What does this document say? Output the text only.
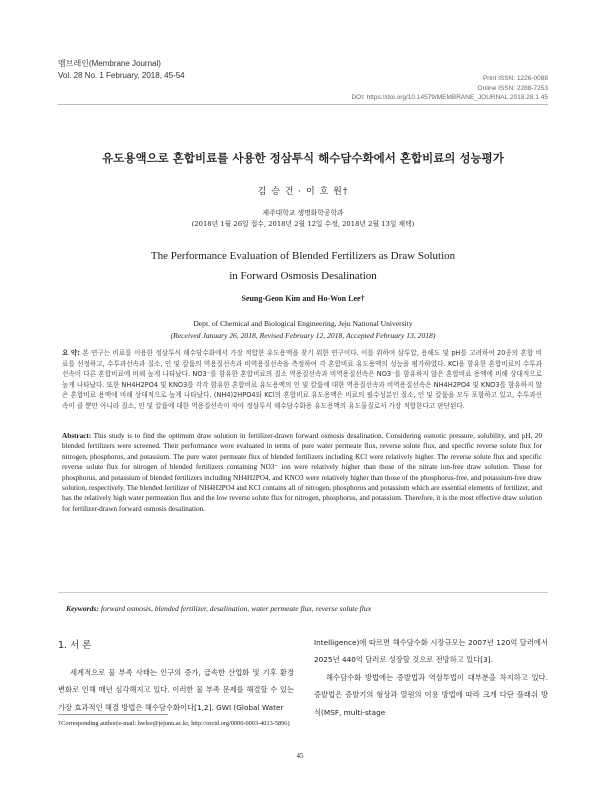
멤브레인(Membrane Journal)
Vol. 28 No. 1 February, 2018, 45-54	Print ISSN: 1226-0088
Online ISSN: 2288-7253
DOI: https://doi.org/10.14579/MEMBRANE_JOURNAL.2018.28.1.45
유도용액으로 혼합비료를 사용한 정삼투식 해수담수화에서 혼합비료의 성능평가
김 승 건 · 이 호 원†
제주대학교 생명화학공학과
(2018년 1월 26일 접수, 2018년 2월 12일 수정, 2018년 2월 13일 채택)
The Performance Evaluation of Blended Fertilizers as Draw Solution
in Forward Osmosis Desalination
Seung-Geon Kim and Ho-Won Lee†
Dept. of Chemical and Biological Engineering, Jeju National University
(Received January 26, 2018, Revised February 12, 2018, Accepted February 13, 2018)
요 약: 본 연구는 비료를 이용한 정삼투식 해수담수화에서 가장 적합한 유도용액을 찾기 위한 연구이다. 이를 위하여 삼투압, 용해도 및 pH를 고려하여 20종의 혼합 비료를 선정하고, 수투과선속과 질소, 인 및 칼륨의 역용질선속과 비역용질선속을 측정하여 각 혼합비료 유도용액의 성능을 평가하였다. KCl을 함유한 혼합비료의 수투과선속이 다른 혼합비료에 비해 높게 나타났다. NO3⁻를 함유한 혼합비료의 질소 역용질선속과 비역용질선속은 NO3⁻를 함유하지 않은 혼합비료 용액에 비해 상대적으로 높게 나타났다. 또한 NH4H2PO4 및 KNO3를 각각 함유한 혼합비료 유도용액의 인 및 칼륨에 대한 역용질선속과 비역용질선속은 NH4H2PO4 및 KNO3를 함유하지 않은 혼합비료 용액에 비해 상대적으로 높게 나타났다. (NH4)2HPO4와 KCl의 혼합비료 유도용액은 비료의 필수성분인 질소, 인 및 칼륨을 모두 포함하고 있고, 수투과선속이 클 뿐만 아니라 질소, 인 및 칼륨에 대한 역용질선속이 작아 정삼투식 해수담수화용 유도용액의 유도물질로서 가장 적합한다고 판단된다.
Abstract: This study is to find the optimum draw solution in fertilizer-drawn forward osmosis desalination. Considering osmotic pressure, solubility, and pH, 20 blended fertilizers were screened. Their performance were evaluated in terms of pure water permeate flux, reverse solute flux, and specific reverse solute flux for nitrogen, phosphorus, and potassium. The pure water permeate flux of blended fertilizers including KCl were relatively higher. The reverse solute flux and specific reverse solute flux for nitrogen of blended fertilizers containing NO3⁻ ion were relatively higher than those of the nitrate ion-free draw solution. Those for phosphorus, and potassium of blended fertilizers including NH4H2PO4, and KNO3 were relatively higher than those of the phosphorus-free, and potassium-free draw solution, respectively. The blended fertilizer of NH4H2PO4 and KCl contains all of nitrogen, phosphorus and potassium which are essential elements of fertilizer, and has the relatively high water permeation flux and the low reverse solute flux for nitrogen, phosphorus, and potassium. Therefore, it is the most effective draw solution for fertilizer-drawn forward osmosis desalination.
Keywords: forward osmosis, blended fertilizer, desalination, water permeate flux, reverse solute flux
1. 서 론
세계적으로 물 부족 사태는 인구의 증가, 급속한 산업화 및 기후 환경 변화로 인해 매년 심각해지고 있다. 이러한 물 부족 문제를 해결할 수 있는 가장 효과적인 해결 방법은 해수담수화이다[1,2]. GWI (Global Water

Intelligence)에 따르면 해수담수화 시장규모는 2007년 120억 달러에서 2025년 440억 달러로 성장할 것으로 전망하고 있다[3].

해수담수화 방법에는 증발법과 역삼투법이 대부분을 차지하고 있다. 증발법은 증발기의 형상과 열원의 이용 방법에 따라 크게 다단 플래쉬 방식(MSF, multi-stage

†Corresponding author(e-mail: hwlee@jejunu.ac.kr, http://orcid.org/0000-0003-4013-5896)
45
